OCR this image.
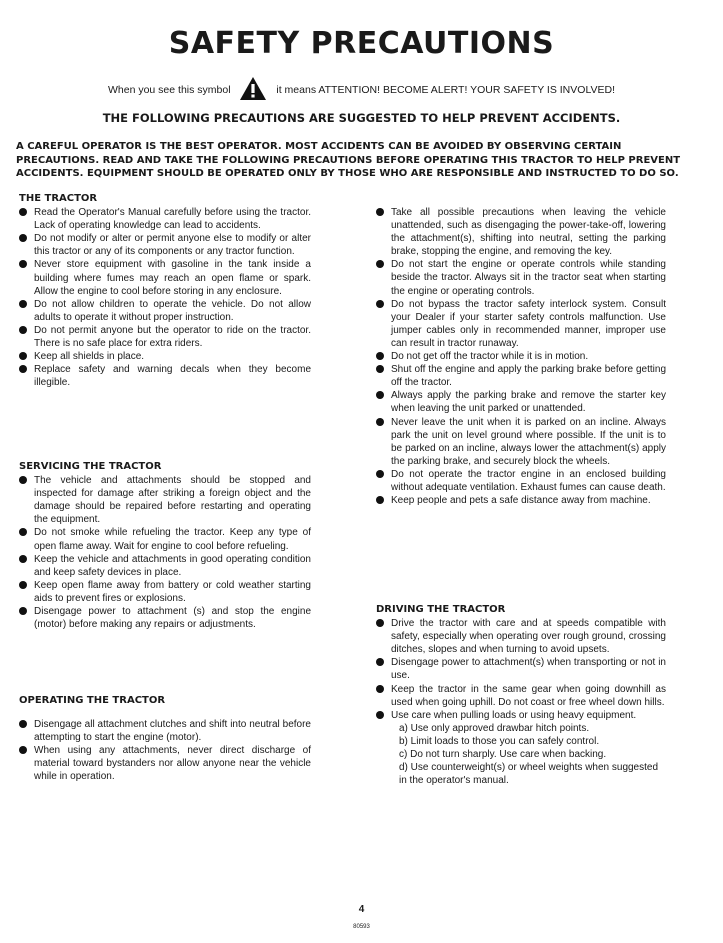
SAFETY PRECAUTIONS
When you see this symbol	it means ATTENTION! BECOME ALERT! YOUR SAFETY IS INVOLVED!
THE FOLLOWING PRECAUTIONS ARE SUGGESTED TO HELP PREVENT ACCIDENTS.
A CAREFUL OPERATOR IS THE BEST OPERATOR. MOST ACCIDENTS CAN BE AVOIDED BY OBSERVING CERTAIN PRECAUTIONS. READ AND TAKE THE FOLLOWING PRECAUTIONS BEFORE OPERATING THIS TRACTOR TO HELP PREVENT ACCIDENTS. EQUIPMENT SHOULD BE OPERATED ONLY BY THOSE WHO ARE RESPONSIBLE AND INSTRUCTED TO DO SO.
THE TRACTOR
Read the Operator's Manual carefully before using the tractor. Lack of operating knowledge can lead to accidents.
Do not modify or alter or permit anyone else to modify or alter this tractor or any of its components or any tractor function.
Never store equipment with gasoline in the tank inside a building where fumes may reach an open flame or spark. Allow the engine to cool before storing in any enclosure.
Do not allow children to operate the vehicle. Do not allow adults to operate it without proper instruction.
Do not permit anyone but the operator to ride on the tractor. There is no safe place for extra riders.
Keep all shields in place.
Replace safety and warning decals when they become illegible.
SERVICING THE TRACTOR
The vehicle and attachments should be stopped and inspected for damage after striking a foreign object and the damage should be repaired before restarting and operating the equipment.
Do not smoke while refueling the tractor. Keep any type of open flame away. Wait for engine to cool before refueling.
Keep the vehicle and attachments in good operating condition and keep safety devices in place.
Keep open flame away from battery or cold weather starting aids to prevent fires or explosions.
Disengage power to attachment (s) and stop the engine (motor) before making any repairs or adjustments.
OPERATING THE TRACTOR
Disengage all attachment clutches and shift into neutral before attempting to start the engine (motor).
When using any attachments, never direct discharge of material toward bystanders nor allow anyone near the vehicle while in operation.
Take all possible precautions when leaving the vehicle unattended, such as disengaging the power-take-off, lowering the attachment(s), shifting into neutral, setting the parking brake, stopping the engine, and removing the key.
Do not start the engine or operate controls while standing beside the tractor. Always sit in the tractor seat when starting the engine or operating controls.
Do not bypass the tractor safety interlock system. Consult your Dealer if your starter safety controls malfunction. Use jumper cables only in recommended manner, improper use can result in tractor runaway.
Do not get off the tractor while it is in motion.
Shut off the engine and apply the parking brake before getting off the tractor.
Always apply the parking brake and remove the starter key when leaving the unit parked or unattended.
Never leave the unit when it is parked on an incline. Always park the unit on level ground where possible. If the unit is to be parked on an incline, always lower the attachment(s) apply the parking brake, and securely block the wheels.
Do not operate the tractor engine in an enclosed building without adequate ventilation. Exhaust fumes can cause death.
Keep people and pets a safe distance away from machine.
DRIVING THE TRACTOR
Drive the tractor with care and at speeds compatible with safety, especially when operating over rough ground, crossing ditches, slopes and when turning to avoid upsets.
Disengage power to attachment(s) when transporting or not in use.
Keep the tractor in the same gear when going downhill as used when going uphill. Do not coast or free wheel down hills.
Use care when pulling loads or using heavy equipment.
a) Use only approved drawbar hitch points.
b) Limit loads to those you can safely control.
c) Do not turn sharply. Use care when backing.
d) Use counterweight(s) or wheel weights when suggested in the operator's manual.
4
80593
